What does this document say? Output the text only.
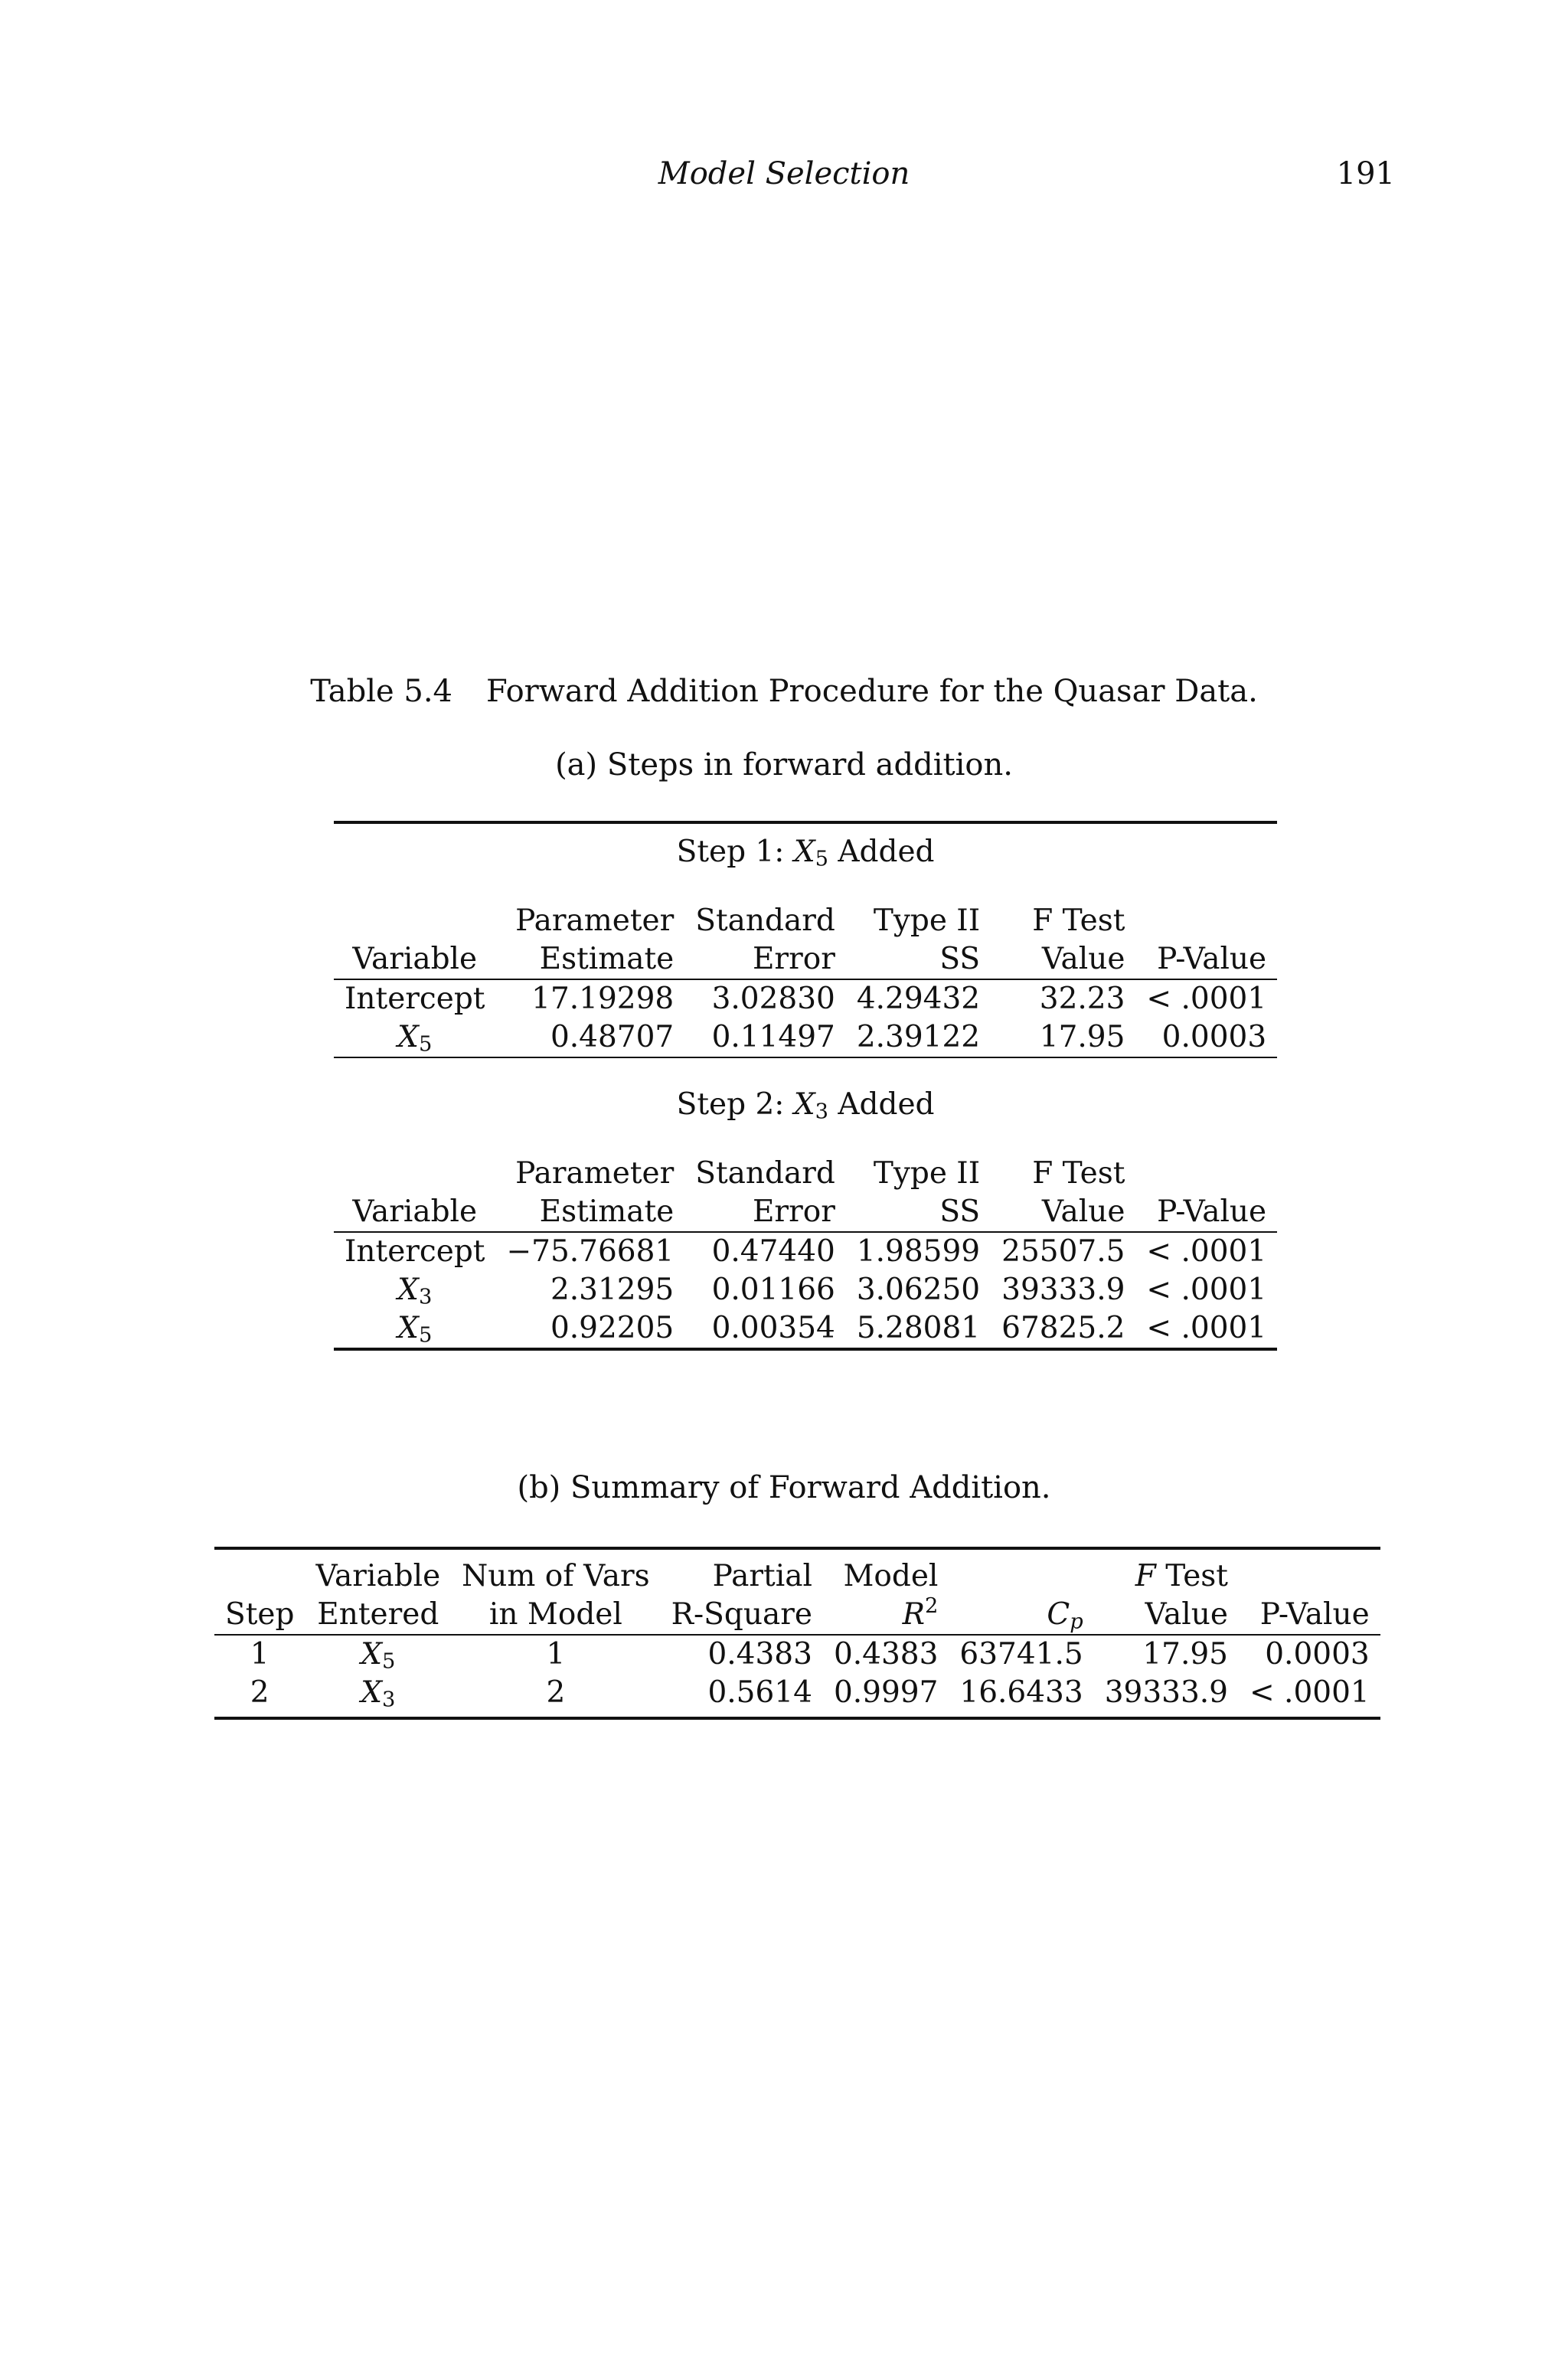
Model Selection	191
Table 5.4 Forward Addition Procedure for the Quasar Data.
(a) Steps in forward addition.
Step 1: $X_5$ Added					
	Parameter	Standard	Type II	F Test	
Variable	Estimate	Error	SS	Value	P-Value
Intercept	17.19298	3.02830	4.29432	32.23	< .0001
$X_5$	0.48707	0.11497	2.39122	17.95	0.0003
Step 2: $X_3$ Added					
	Parameter	Standard	Type II	F Test	
Variable	Estimate	Error	SS	Value	P-Value
Intercept	−75.76681	0.47440	1.98599	25507.5	< .0001
$X_3$	2.31295	0.01166	3.06250	39333.9	< .0001
$X_5$	0.92205	0.00354	5.28081	67825.2	< .0001
(b) Summary of Forward Addition.
	Variable	Num of Vars	Partial	Model		F Test	
Step	Entered	in Model	R-Square	$R^2$	$C_p$	Value	P-Value
1	$X_5$	1	0.4383	0.4383	63741.5	17.95	0.0003
2	$X_3$	2	0.5614	0.9997	16.6433	39333.9	< .0001
